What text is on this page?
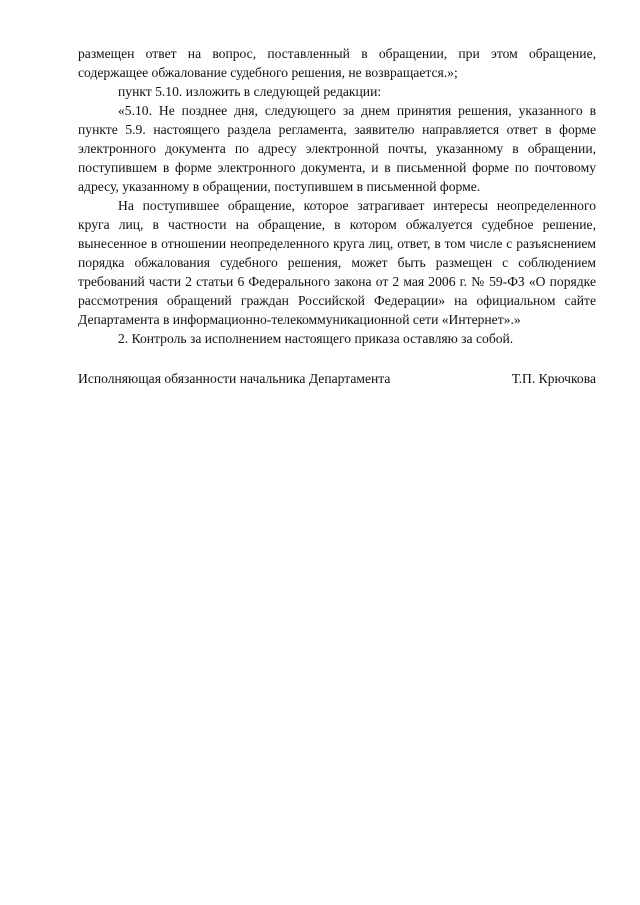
размещен ответ на вопрос, поставленный в обращении, при этом обращение, содержащее обжалование судебного решения, не возвращается.»;

пункт 5.10. изложить в следующей редакции:

«5.10. Не позднее дня, следующего за днем принятия решения, указанного в пункте 5.9. настоящего раздела регламента, заявителю направляется ответ в форме электронного документа по адресу электронной почты, указанному в обращении, поступившем в форме электронного документа, и в письменной форме по почтовому адресу, указанному в обращении, поступившем в письменной форме.

На поступившее обращение, которое затрагивает интересы неопределенного круга лиц, в частности на обращение, в котором обжалуется судебное решение, вынесенное в отношении неопределенного круга лиц, ответ, в том числе с разъяснением порядка обжалования судебного решения, может быть размещен с соблюдением требований части 2 статьи 6 Федерального закона от 2 мая 2006 г. № 59-ФЗ «О порядке рассмотрения обращений граждан Российской Федерации» на официальном сайте Департамента в информационно-телекоммуникационной сети «Интернет».»

2. Контроль за исполнением настоящего приказа оставляю за собой.

Исполняющая обязанности начальника Департамента	Т.П. Крючкова
